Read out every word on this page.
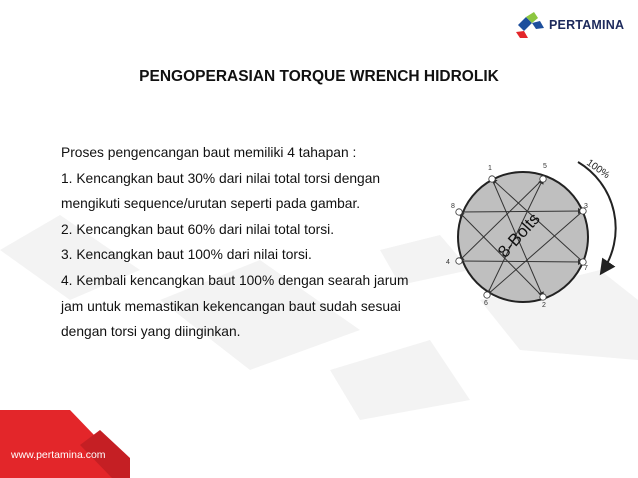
PERTAMINA
PENGOPERASIAN TORQUE WRENCH HIDROLIK

Proses pengencangan baut memiliki 4 tahapan :

1. Kencangkan baut 30% dari nilai total torsi dengan

mengikuti sequence/urutan seperti pada gambar.

2. Kencangkan baut 60% dari nilai total torsi.

3. Kencangkan baut 100% dari nilai torsi.

4. Kembali kencangkan baut 100% dengan searah jarum

jam untuk memastikan kekencangan baut sudah sesuai

dengan torsi yang diinginkan.

1	5
3
7
2
6
4
8
8-Bolts
100%
www.pertamina.com
